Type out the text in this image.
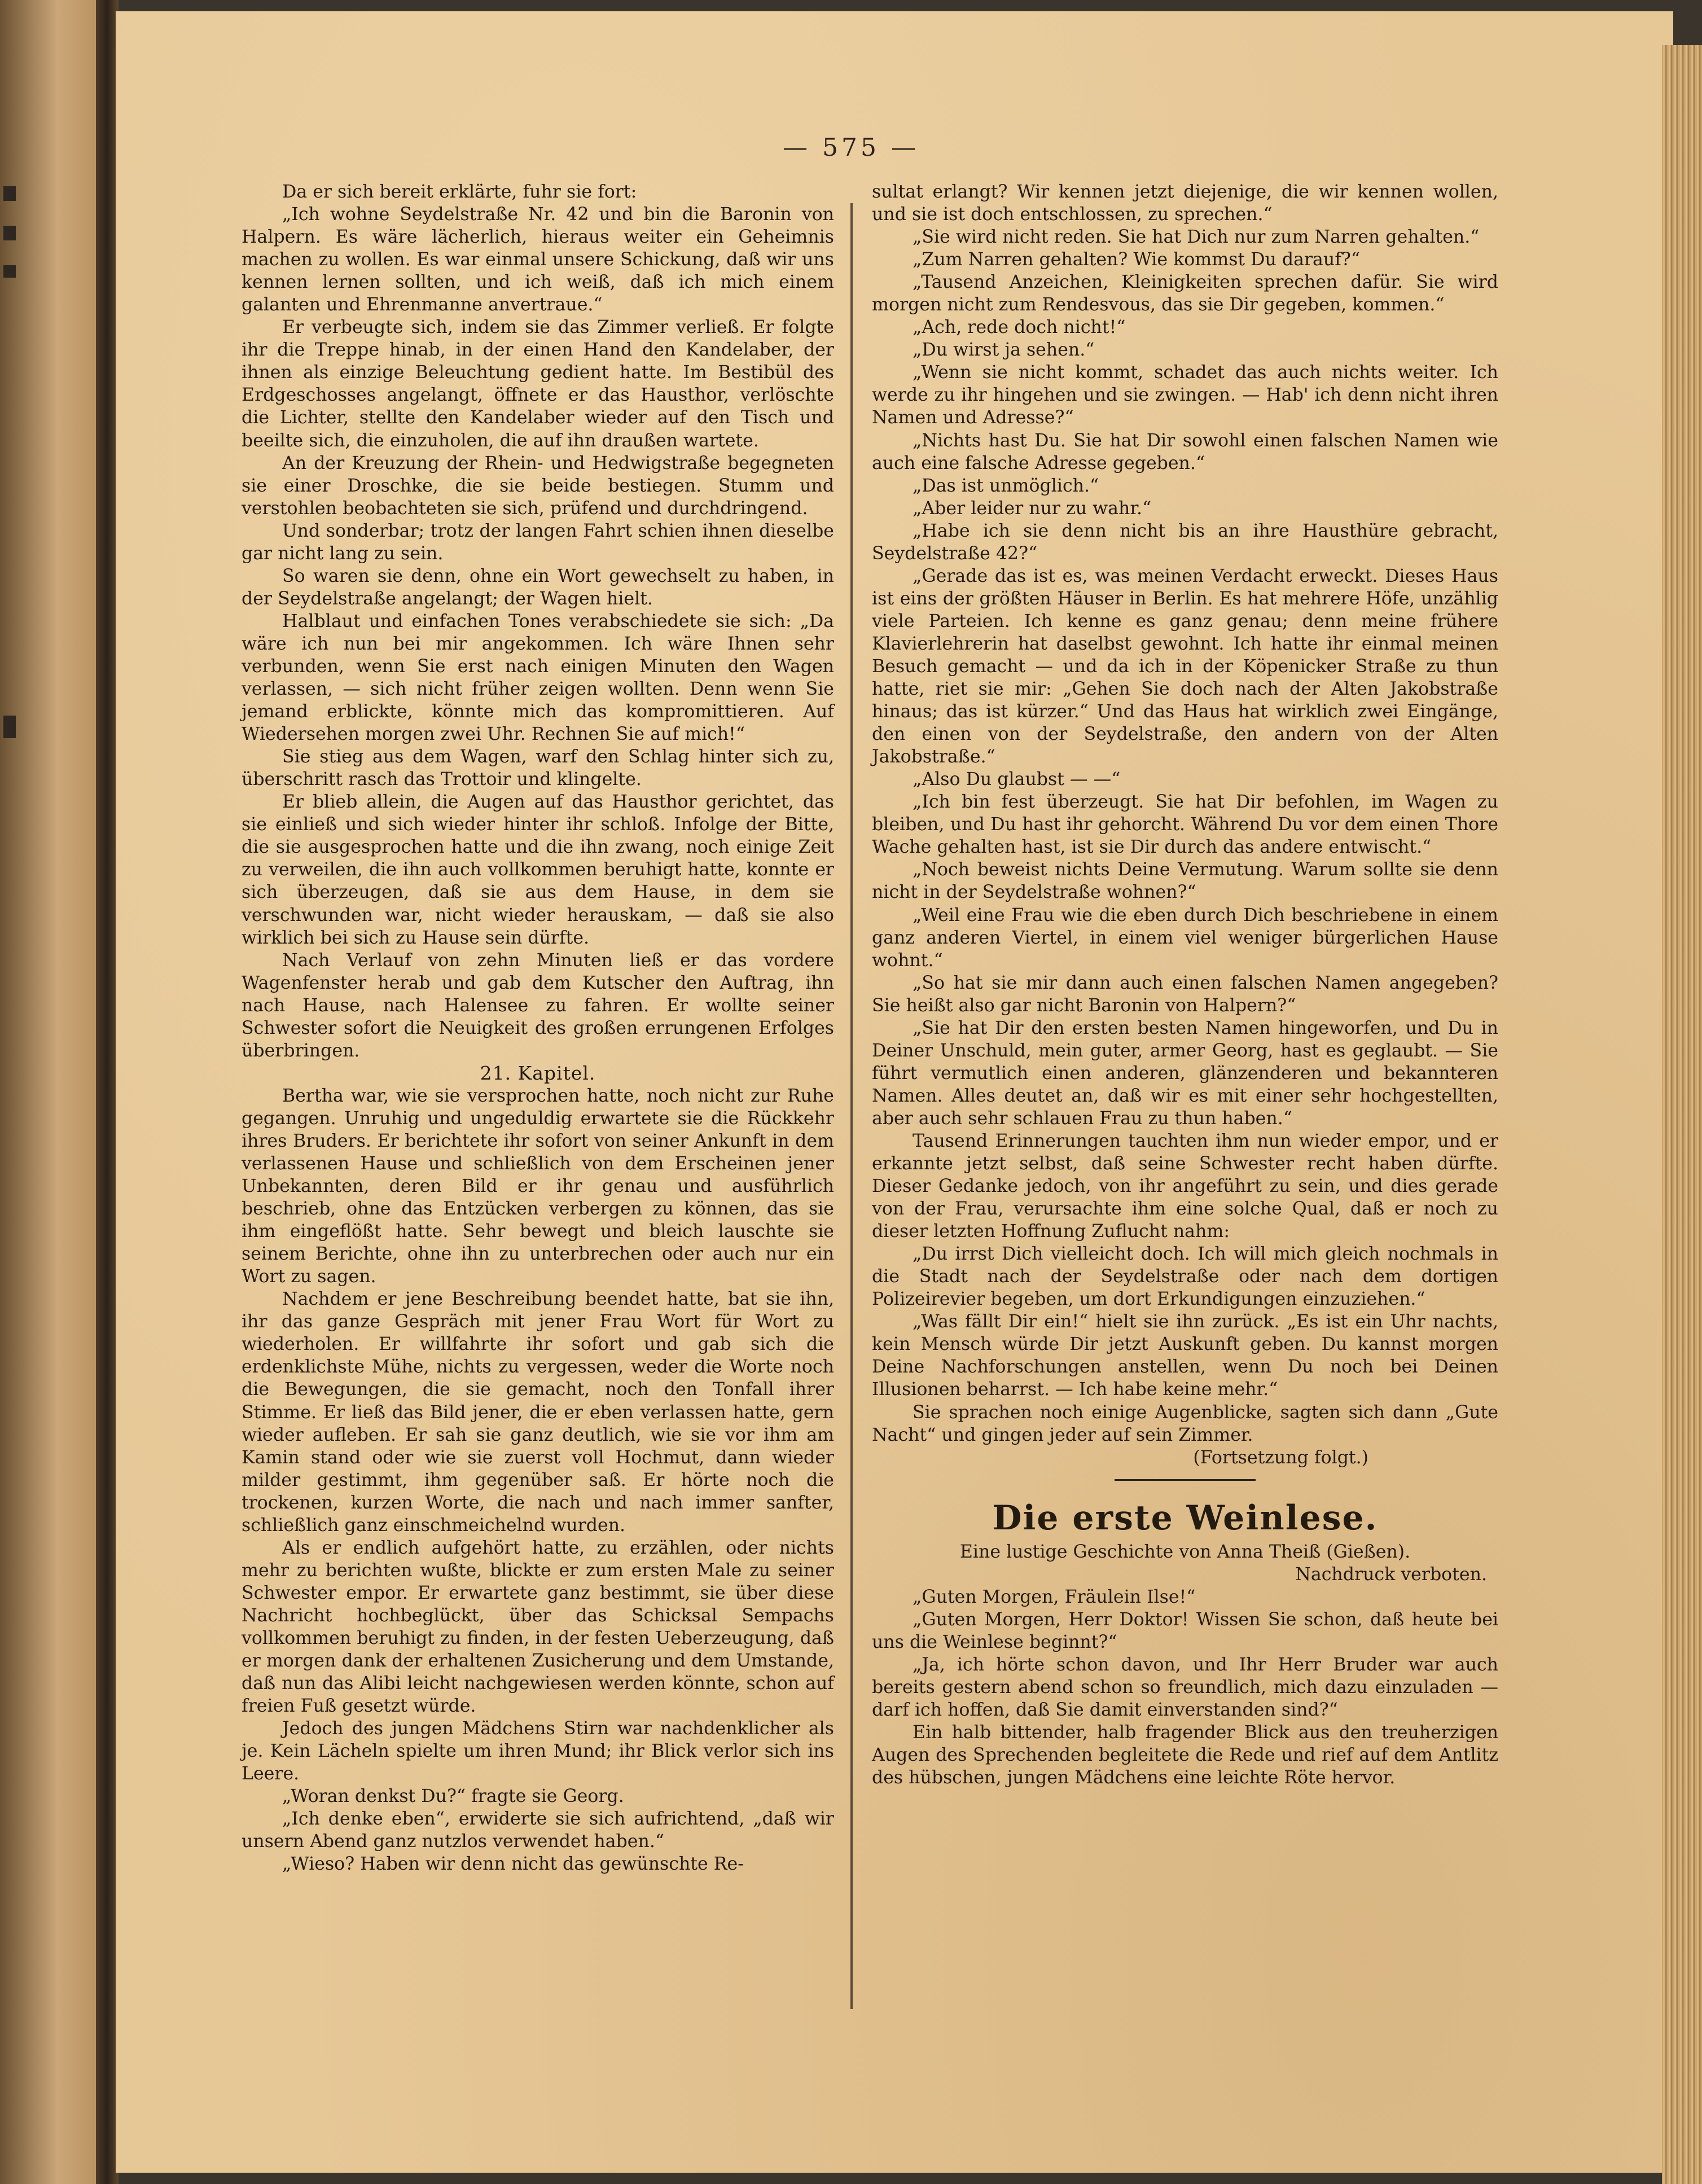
— 575 —

Da er sich bereit erklärte, fuhr sie fort:

„Ich wohne Seydelstraße Nr. 42 und bin die Baronin von Halpern. Es wäre lächerlich, hieraus weiter ein Geheimnis machen zu wollen. Es war einmal unsere Schickung, daß wir uns kennen lernen sollten, und ich weiß, daß ich mich einem galanten und Ehrenmanne anvertraue.“

Er verbeugte sich, indem sie das Zimmer verließ. Er folgte ihr die Treppe hinab, in der einen Hand den Kandelaber, der ihnen als einzige Beleuchtung gedient hatte. Im Bestibül des Erdgeschosses angelangt, öffnete er das Hausthor, verlöschte die Lichter, stellte den Kandelaber wieder auf den Tisch und beeilte sich, die einzuholen, die auf ihn draußen wartete.

An der Kreuzung der Rhein- und Hedwigstraße begegneten sie einer Droschke, die sie beide bestiegen. Stumm und verstohlen beobachteten sie sich, prüfend und durchdringend.

Und sonderbar; trotz der langen Fahrt schien ihnen dieselbe gar nicht lang zu sein.

So waren sie denn, ohne ein Wort gewechselt zu haben, in der Seydelstraße angelangt; der Wagen hielt.

Halblaut und einfachen Tones verabschiedete sie sich: „Da wäre ich nun bei mir angekommen. Ich wäre Ihnen sehr verbunden, wenn Sie erst nach einigen Minuten den Wagen verlassen, — sich nicht früher zeigen wollten. Denn wenn Sie jemand erblickte, könnte mich das kompromittieren. Auf Wiedersehen morgen zwei Uhr. Rechnen Sie auf mich!“

Sie stieg aus dem Wagen, warf den Schlag hinter sich zu, überschritt rasch das Trottoir und klingelte.

Er blieb allein, die Augen auf das Hausthor gerichtet, das sie einließ und sich wieder hinter ihr schloß. Infolge der Bitte, die sie ausgesprochen hatte und die ihn zwang, noch einige Zeit zu verweilen, die ihn auch vollkommen beruhigt hatte, konnte er sich überzeugen, daß sie aus dem Hause, in dem sie verschwunden war, nicht wieder herauskam, — daß sie also wirklich bei sich zu Hause sein dürfte.

Nach Verlauf von zehn Minuten ließ er das vordere Wagenfenster herab und gab dem Kutscher den Auftrag, ihn nach Hause, nach Halensee zu fahren. Er wollte seiner Schwester sofort die Neuigkeit des großen errungenen Erfolges überbringen.

21. Kapitel.

Bertha war, wie sie versprochen hatte, noch nicht zur Ruhe gegangen. Unruhig und ungeduldig erwartete sie die Rückkehr ihres Bruders. Er berichtete ihr sofort von seiner Ankunft in dem verlassenen Hause und schließlich von dem Erscheinen jener Unbekannten, deren Bild er ihr genau und ausführlich beschrieb, ohne das Entzücken verbergen zu können, das sie ihm eingeflößt hatte. Sehr bewegt und bleich lauschte sie seinem Berichte, ohne ihn zu unterbrechen oder auch nur ein Wort zu sagen.

Nachdem er jene Beschreibung beendet hatte, bat sie ihn, ihr das ganze Gespräch mit jener Frau Wort für Wort zu wiederholen. Er willfahrte ihr sofort und gab sich die erdenklichste Mühe, nichts zu vergessen, weder die Worte noch die Bewegungen, die sie gemacht, noch den Tonfall ihrer Stimme. Er ließ das Bild jener, die er eben verlassen hatte, gern wieder aufleben. Er sah sie ganz deutlich, wie sie vor ihm am Kamin stand oder wie sie zuerst voll Hochmut, dann wieder milder gestimmt, ihm gegenüber saß. Er hörte noch die trockenen, kurzen Worte, die nach und nach immer sanfter, schließlich ganz einschmeichelnd wurden.

Als er endlich aufgehört hatte, zu erzählen, oder nichts mehr zu berichten wußte, blickte er zum ersten Male zu seiner Schwester empor. Er erwartete ganz bestimmt, sie über diese Nachricht hochbeglückt, über das Schicksal Sempachs vollkommen beruhigt zu finden, in der festen Ueberzeugung, daß er morgen dank der erhaltenen Zusicherung und dem Umstande, daß nun das Alibi leicht nachgewiesen werden könnte, schon auf freien Fuß gesetzt würde.

Jedoch des jungen Mädchens Stirn war nachdenklicher als je. Kein Lächeln spielte um ihren Mund; ihr Blick verlor sich ins Leere.

„Woran denkst Du?“ fragte sie Georg.

„Ich denke eben“, erwiderte sie sich aufrichtend, „daß wir unsern Abend ganz nutzlos verwendet haben.“

„Wieso? Haben wir denn nicht das gewünschte Re-

sultat erlangt? Wir kennen jetzt diejenige, die wir kennen wollen, und sie ist doch entschlossen, zu sprechen.“

„Sie wird nicht reden. Sie hat Dich nur zum Narren gehalten.“

„Zum Narren gehalten? Wie kommst Du darauf?“

„Tausend Anzeichen, Kleinigkeiten sprechen dafür. Sie wird morgen nicht zum Rendesvous, das sie Dir gegeben, kommen.“

„Ach, rede doch nicht!“

„Du wirst ja sehen.“

„Wenn sie nicht kommt, schadet das auch nichts weiter. Ich werde zu ihr hingehen und sie zwingen. — Hab' ich denn nicht ihren Namen und Adresse?“

„Nichts hast Du. Sie hat Dir sowohl einen falschen Namen wie auch eine falsche Adresse gegeben.“

„Das ist unmöglich.“

„Aber leider nur zu wahr.“

„Habe ich sie denn nicht bis an ihre Hausthüre gebracht, Seydelstraße 42?“

„Gerade das ist es, was meinen Verdacht erweckt. Dieses Haus ist eins der größten Häuser in Berlin. Es hat mehrere Höfe, unzählig viele Parteien. Ich kenne es ganz genau; denn meine frühere Klavierlehrerin hat daselbst gewohnt. Ich hatte ihr einmal meinen Besuch gemacht — und da ich in der Köpenicker Straße zu thun hatte, riet sie mir: „Gehen Sie doch nach der Alten Jakobstraße hinaus; das ist kürzer.“ Und das Haus hat wirklich zwei Eingänge, den einen von der Seydelstraße, den andern von der Alten Jakobstraße.“

„Also Du glaubst — —“

„Ich bin fest überzeugt. Sie hat Dir befohlen, im Wagen zu bleiben, und Du hast ihr gehorcht. Während Du vor dem einen Thore Wache gehalten hast, ist sie Dir durch das andere entwischt.“

„Noch beweist nichts Deine Vermutung. Warum sollte sie denn nicht in der Seydelstraße wohnen?“

„Weil eine Frau wie die eben durch Dich beschriebene in einem ganz anderen Viertel, in einem viel weniger bürgerlichen Hause wohnt.“

„So hat sie mir dann auch einen falschen Namen angegeben? Sie heißt also gar nicht Baronin von Halpern?“

„Sie hat Dir den ersten besten Namen hingeworfen, und Du in Deiner Unschuld, mein guter, armer Georg, hast es geglaubt. — Sie führt vermutlich einen anderen, glänzenderen und bekannteren Namen. Alles deutet an, daß wir es mit einer sehr hochgestellten, aber auch sehr schlauen Frau zu thun haben.“

Tausend Erinnerungen tauchten ihm nun wieder empor, und er erkannte jetzt selbst, daß seine Schwester recht haben dürfte. Dieser Gedanke jedoch, von ihr angeführt zu sein, und dies gerade von der Frau, verursachte ihm eine solche Qual, daß er noch zu dieser letzten Hoffnung Zuflucht nahm:

„Du irrst Dich vielleicht doch. Ich will mich gleich nochmals in die Stadt nach der Seydelstraße oder nach dem dortigen Polizeirevier begeben, um dort Erkundigungen einzuziehen.“

„Was fällt Dir ein!“ hielt sie ihn zurück. „Es ist ein Uhr nachts, kein Mensch würde Dir jetzt Auskunft geben. Du kannst morgen Deine Nachforschungen anstellen, wenn Du noch bei Deinen Illusionen beharrst. — Ich habe keine mehr.“

Sie sprachen noch einige Augenblicke, sagten sich dann „Gute Nacht“ und gingen jeder auf sein Zimmer.

(Fortsetzung folgt.)

Die erste Weinlese.

Eine lustige Geschichte von Anna Theiß (Gießen).

Nachdruck verboten.

„Guten Morgen, Fräulein Ilse!“

„Guten Morgen, Herr Doktor! Wissen Sie schon, daß heute bei uns die Weinlese beginnt?“

„Ja, ich hörte schon davon, und Ihr Herr Bruder war auch bereits gestern abend schon so freundlich, mich dazu einzuladen — darf ich hoffen, daß Sie damit einverstanden sind?“

Ein halb bittender, halb fragender Blick aus den treuherzigen Augen des Sprechenden begleitete die Rede und rief auf dem Antlitz des hübschen, jungen Mädchens eine leichte Röte hervor.
